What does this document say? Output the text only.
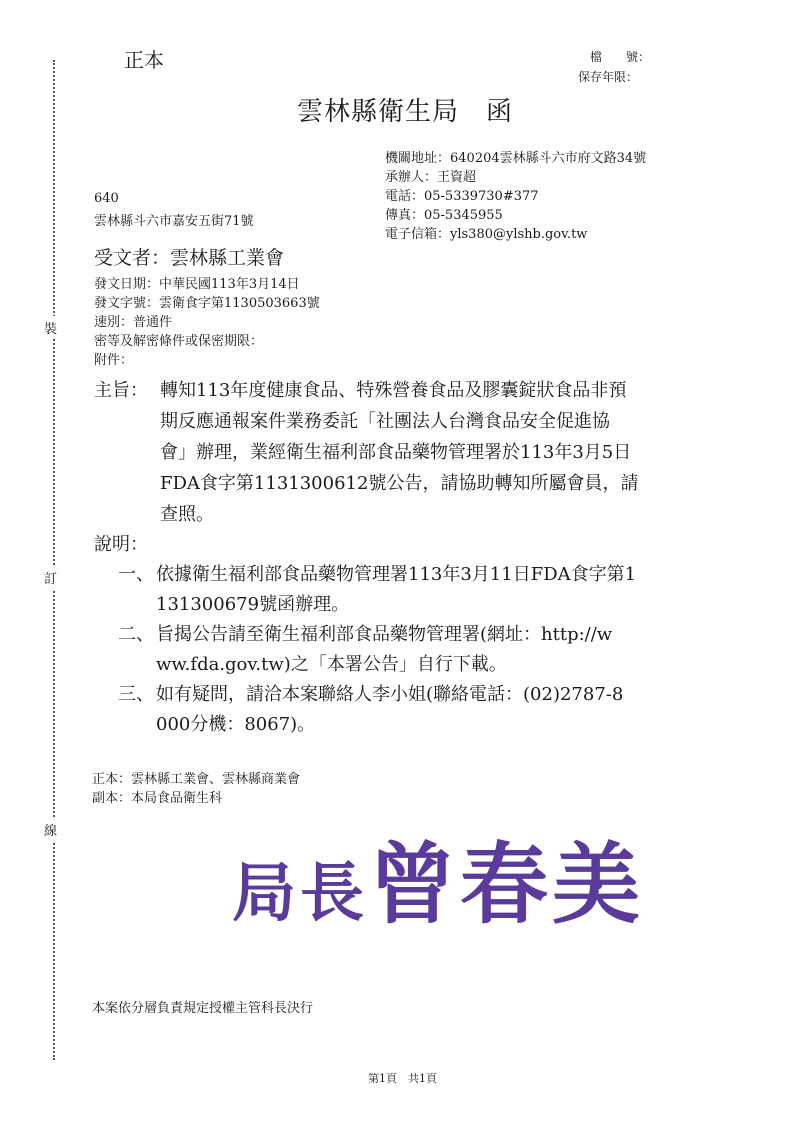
裝
訂
線
正本	檔　　號：
保存年限：
雲林縣衛生局　函
機關地址：640204雲林縣斗六市府文路34號
承辦人：王資超
電話：05-5339730#377
傳真：05-5345955
電子信箱：yls380@ylshb.gov.tw
640
雲林縣斗六市嘉安五街71號
受文者：雲林縣工業會
發文日期：中華民國113年3月14日
發文字號：雲衛食字第1130503663號
速別：普通件
密等及解密條件或保密期限：
附件：
主旨： 轉知113年度健康食品、特殊營養食品及膠囊錠狀食品非預
期反應通報案件業務委託「社團法人台灣食品安全促進協
會」辦理，業經衛生福利部食品藥物管理署於113年3月5日
FDA食字第1131300612號公告，請協助轉知所屬會員，請
查照。
說明：
一、 依據衛生福利部食品藥物管理署113年3月11日FDA食字第1
131300679號函辦理。
二、 旨揭公告請至衛生福利部食品藥物管理署(網址：http://w
ww.fda.gov.tw)之「本署公告」自行下載。
三、 如有疑問，請洽本案聯絡人李小姐(聯絡電話：(02)2787-8
000分機：8067)。
正本：雲林縣工業會、雲林縣商業會
副本：本局食品衛生科
局長曾春美
本案依分層負責規定授權主管科長決行
第1頁　共1頁
